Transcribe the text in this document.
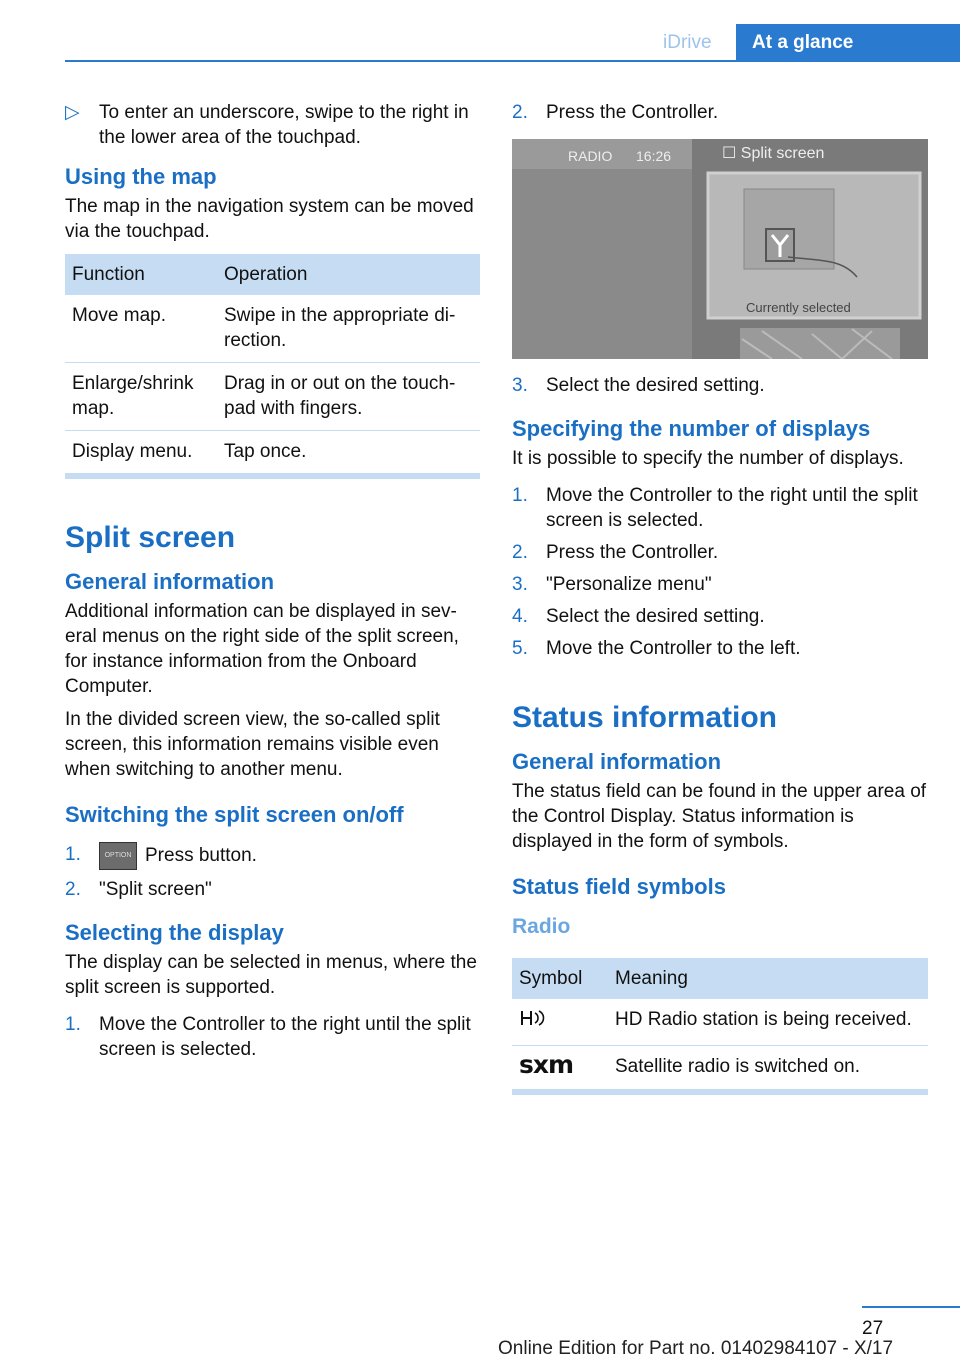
iDrive	At a glance
▷	To enter an underscore, swipe to the right in the lower area of the touchpad.
Using the map

The map in the navigation system can be moved via the touchpad.

Function	Operation
Move map.	Swipe in the appropriate di‐rection.
Enlarge/shrink map.	Drag in or out on the touch‐pad with fingers.
Display menu.	Tap once.
Split screen
General information

Additional information can be displayed in sev‐eral menus on the right side of the split screen, for instance information from the Onboard Computer.

In the divided screen view, the so-called split screen, this information remains visible even when switching to another menu.

Switching the split screen on/off
1.	OPTION Press button.
2. "Split screen"
Selecting the display

The display can be selected in menus, where the split screen is supported.

1. Move the Controller to the right until the split screen is selected.
2. Press the Controller.
RADIO 16:26	☐ Split screen
Currently selected
3. Select the desired setting.
Specifying the number of displays

It is possible to specify the number of displays.

1. Move the Controller to the right until the split screen is selected.
2. Press the Controller.
3. "Personalize menu"
4. Select the desired setting.
5. Move the Controller to the left.
Status information
General information

The status field can be found in the upper area of the Control Display. Status information is displayed in the form of symbols.

Status field symbols
Radio
Symbol	Meaning
	HD Radio station is being received.
sxm	Satellite radio is switched on.
27
Online Edition for Part no. 01402984107 - X/17
